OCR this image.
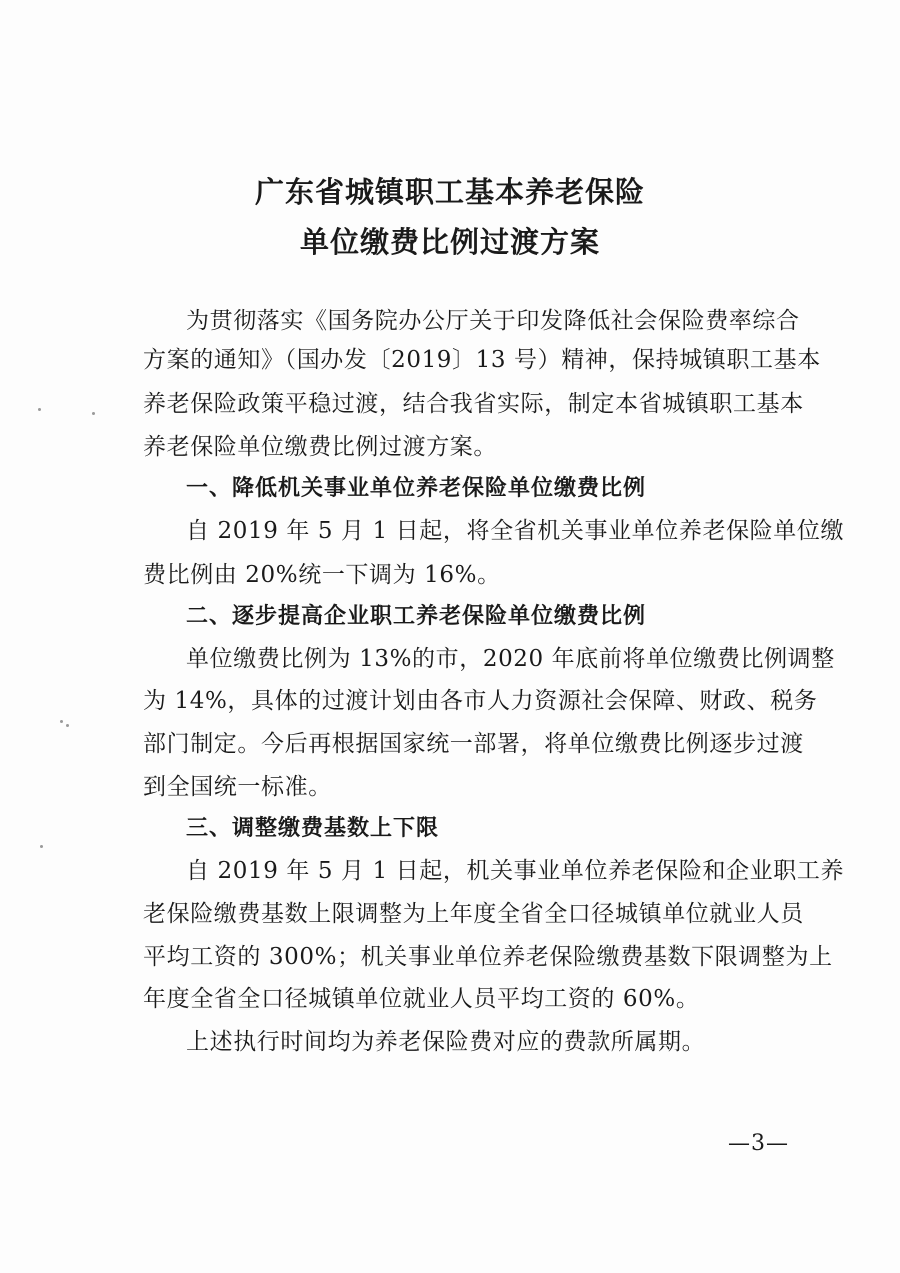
广东省城镇职工基本养老保险
单位缴费比例过渡方案
为贯彻落实《国务院办公厅关于印发降低社会保险费率综合
方案的通知》（国办发〔2019〕13 号）精神，保持城镇职工基本
养老保险政策平稳过渡，结合我省实际，制定本省城镇职工基本
养老保险单位缴费比例过渡方案。
一、降低机关事业单位养老保险单位缴费比例
自 2019 年 5 月 1 日起，将全省机关事业单位养老保险单位缴
费比例由 20%统一下调为 16%。
二、逐步提高企业职工养老保险单位缴费比例
单位缴费比例为 13%的市，2020 年底前将单位缴费比例调整
为 14%，具体的过渡计划由各市人力资源社会保障、财政、税务
部门制定。今后再根据国家统一部署，将单位缴费比例逐步过渡
到全国统一标准。
三、调整缴费基数上下限
自 2019 年 5 月 1 日起，机关事业单位养老保险和企业职工养
老保险缴费基数上限调整为上年度全省全口径城镇单位就业人员
平均工资的 300%；机关事业单位养老保险缴费基数下限调整为上
年度全省全口径城镇单位就业人员平均工资的 60%。
上述执行时间均为养老保险费对应的费款所属期。
—3—
